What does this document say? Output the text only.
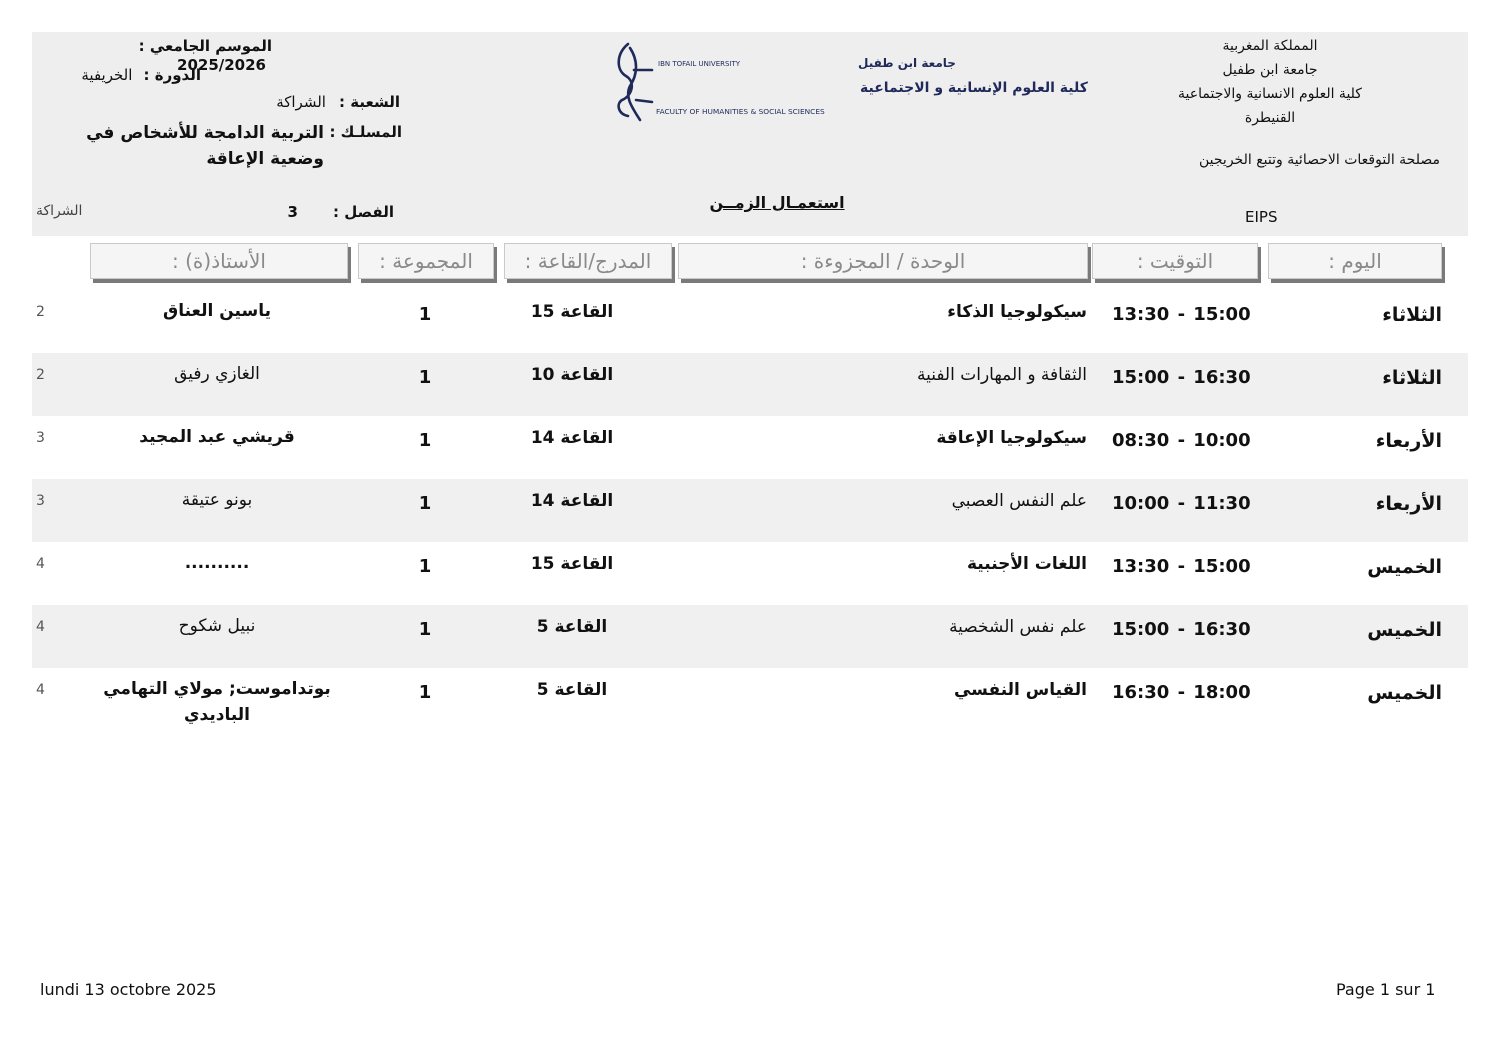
المملكة المغربية
جامعة ابن طفيل
كلية العلوم الانسانية والاجتماعية
القنيطرة
مصلحة التوقعات الاحصائية وتتبع الخريجين
EIPS
استعمـال الزمــن
الموسم الجامعي : 2025/2026
الدورة : الخريفية
الشعبة : الشراكة
المسلـك :
التربية الدامجة للأشخاص في وضعية الإعاقة
الفصل : 3
الشراكة
IBN TOFAIL UNIVERSITY	جامعة ابن طفيل
كلية العلوم الإنسانية و الاجتماعية
FACULTY OF HUMANITIES & SOCIAL SCIENCES
اليوم :
التوقيت :
الوحدة / المجزوءة :
المدرج/القاعة :
المجموعة :
الأستاذ(ة) :
الثلاثاء
13:30 - 15:00
سيكولوجيا الذكاء
القاعة 15
1
ياسين العناق
2
الثلاثاء
15:00 - 16:30
الثقافة و المهارات الفنية
القاعة 10
1
الغازي رفيق
2
الأربعاء
08:30 - 10:00
سيكولوجيا الإعاقة
القاعة 14
1
قريشي عبد المجيد
3
الأربعاء
10:00 - 11:30
علم النفس العصبي
القاعة 14
1
بونو عتيقة
3
الخميس
13:30 - 15:00
اللغات الأجنبية
القاعة 15
1
..........
4
الخميس
15:00 - 16:30
علم نفس الشخصية
القاعة 5
1
نبيل شكوح
4
الخميس
16:30 - 18:00
القياس النفسي
القاعة 5
1
بوتداموست; مولاي التهامي الباديدي
4
lundi 13 octobre 2025	Page 1 sur 1
